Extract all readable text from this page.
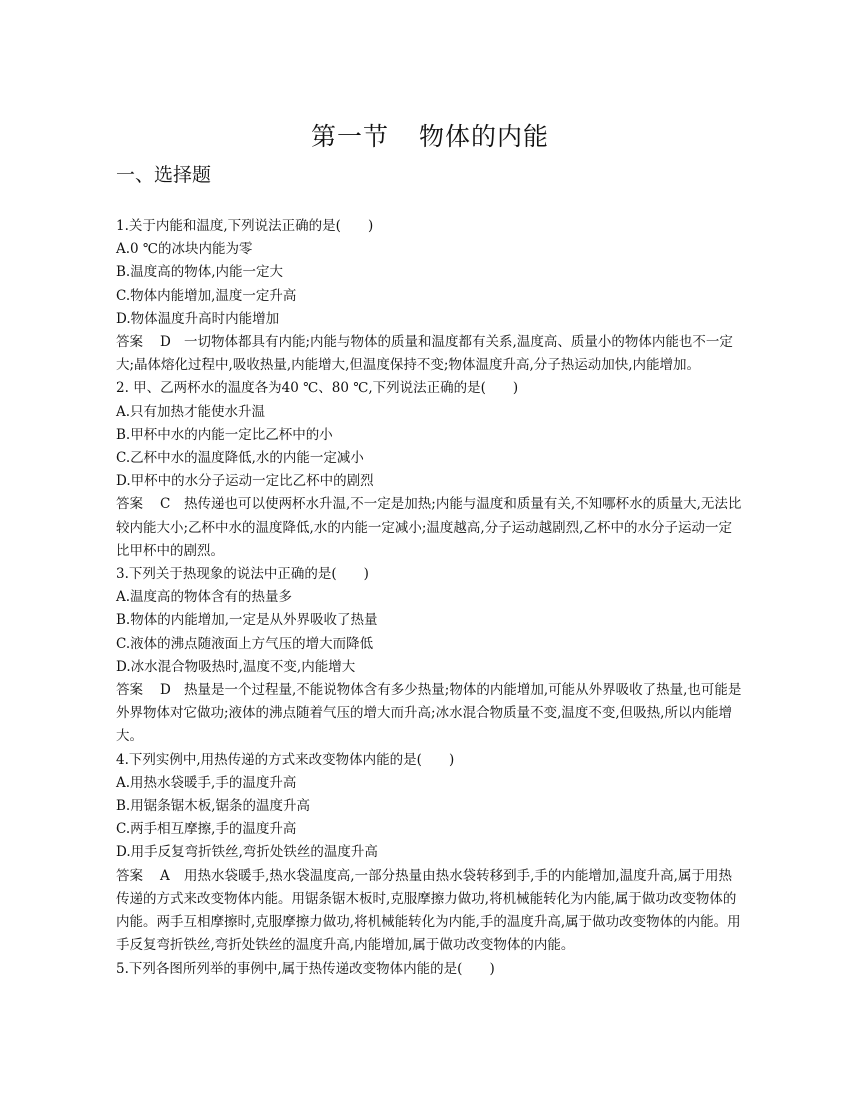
第一节 物体的内能
一、选择题

1.关于内能和温度,下列说法正确的是(　　)

A.0 ℃的冰块内能为零

B.温度高的物体,内能一定大

C.物体内能增加,温度一定升高

D.物体温度升高时内能增加

答案 D 一切物体都具有内能;内能与物体的质量和温度都有关系,温度高、质量小的物体内能也不一定大;晶体熔化过程中,吸收热量,内能增大,但温度保持不变;物体温度升高,分子热运动加快,内能增加。

2. 甲、乙两杯水的温度各为40 ℃、80 ℃,下列说法正确的是(　　)

A.只有加热才能使水升温

B.甲杯中水的内能一定比乙杯中的小

C.乙杯中水的温度降低,水的内能一定减小

D.甲杯中的水分子运动一定比乙杯中的剧烈

答案 C 热传递也可以使两杯水升温,不一定是加热;内能与温度和质量有关,不知哪杯水的质量大,无法比较内能大小;乙杯中水的温度降低,水的内能一定减小;温度越高,分子运动越剧烈,乙杯中的水分子运动一定比甲杯中的剧烈。

3.下列关于热现象的说法中正确的是(　　)

A.温度高的物体含有的热量多

B.物体的内能增加,一定是从外界吸收了热量

C.液体的沸点随液面上方气压的增大而降低

D.冰水混合物吸热时,温度不变,内能增大

答案 D 热量是一个过程量,不能说物体含有多少热量;物体的内能增加,可能从外界吸收了热量,也可能是外界物体对它做功;液体的沸点随着气压的增大而升高;冰水混合物质量不变,温度不变,但吸热,所以内能增大。

4.下列实例中,用热传递的方式来改变物体内能的是(　　)

A.用热水袋暖手,手的温度升高

B.用锯条锯木板,锯条的温度升高

C.两手相互摩擦,手的温度升高

D.用手反复弯折铁丝,弯折处铁丝的温度升高

答案 A 用热水袋暖手,热水袋温度高,一部分热量由热水袋转移到手,手的内能增加,温度升高,属于用热传递的方式来改变物体内能。用锯条锯木板时,克服摩擦力做功,将机械能转化为内能,属于做功改变物体的内能。两手互相摩擦时,克服摩擦力做功,将机械能转化为内能,手的温度升高,属于做功改变物体的内能。用手反复弯折铁丝,弯折处铁丝的温度升高,内能增加,属于做功改变物体的内能。

5.下列各图所列举的事例中,属于热传递改变物体内能的是(　　)
